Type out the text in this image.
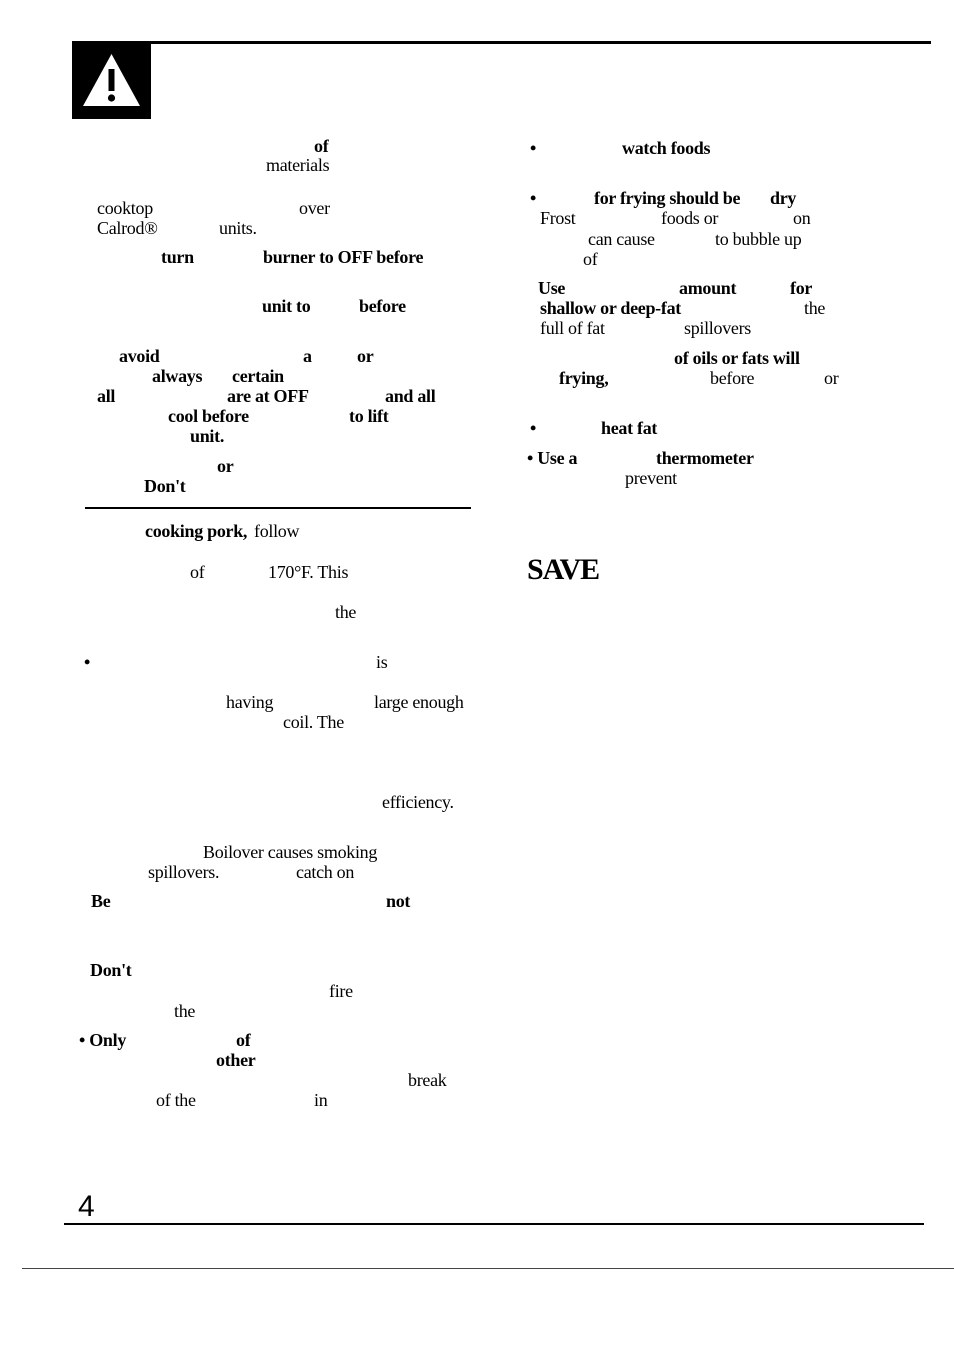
of
materials
cooktop	over
Calrod®	units.
turn	burner to OFF before
unit to	before
avoid	a	or
always certain
all	are at OFF	and all
cool before	to lift
unit.
or
Don't
cooking pork, follow
of	170°F. This
the
•	is
having	large enough
coil. The
efficiency.
Boilover causes smoking
spillovers.	catch on
Be	not
Don't
fire
the
• Only	of
other
break
of the	in
•	watch foods
•	for frying should be dry
Frost	foods or	on
can cause	to bubble up
of
Use	amount	for
shallow or deep-fat	the
full of fat	spillovers
of oils or fats will
frying,	before	or
•	heat fat
• Use a	thermometer
prevent
SAVE
4
